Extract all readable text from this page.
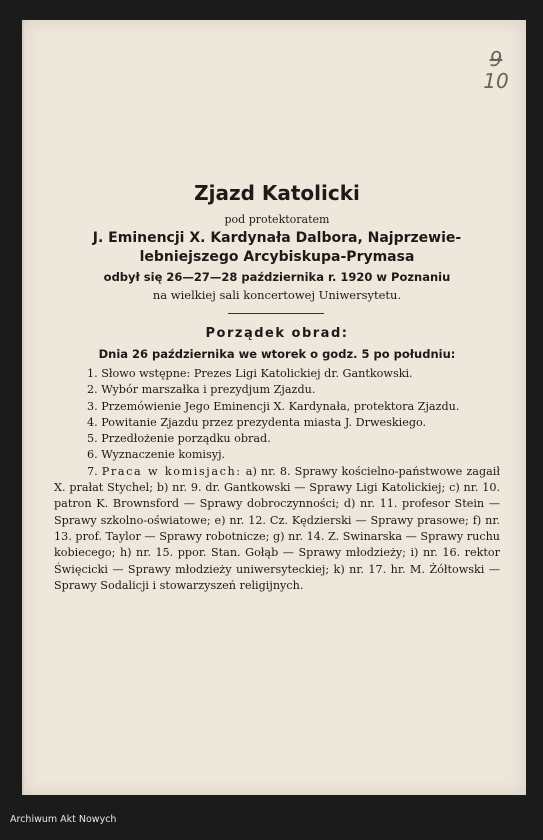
9
10
Zjazd Katolicki
pod protektoratem
J. Eminencji X. Kardynała Dalbora, Najprzewie-
lebniejszego Arcybiskupa-Prymasa
odbył się 26—27—28 października r. 1920 w Poznaniu
na wielkiej sali koncertowej Uniwersytetu.
Porządek obrad:
Dnia 26 października we wtorek o godz. 5 po południu:

1. Słowo wstępne: Prezes Ligi Katolickiej dr. Gantkowski.

2. Wybór marszałka i prezydjum Zjazdu.

3. Przemówienie Jego Eminencji X. Kardynała, protektora Zjazdu.

4. Powitanie Zjazdu przez prezydenta miasta J. Drweskiego.

5. Przedłożenie porządku obrad.

6. Wyznaczenie komisyj.

7. Praca w komisjach: a) nr. 8. Sprawy kościelno-państwowe zagaił X. prałat Stychel; b) nr. 9. dr. Gantkowski — Sprawy Ligi Katolickiej; c) nr. 10. patron K. Brownsford — Sprawy dobroczynności; d) nr. 11. profesor Stein — Sprawy szkolno-oświatowe; e) nr. 12. Cz. Kędzierski — Sprawy prasowe; f) nr. 13. prof. Taylor — Sprawy robotnicze; g) nr. 14. Z. Swinarska — Sprawy ruchu kobiecego; h) nr. 15. ppor. Stan. Gołąb — Sprawy młodzieży; i) nr. 16. rektor Święcicki — Sprawy młodzieży uniwersyteckiej; k) nr. 17. hr. M. Żółtowski — Sprawy Sodalicji i stowarzyszeń religijnych.

Archiwum Akt Nowych
